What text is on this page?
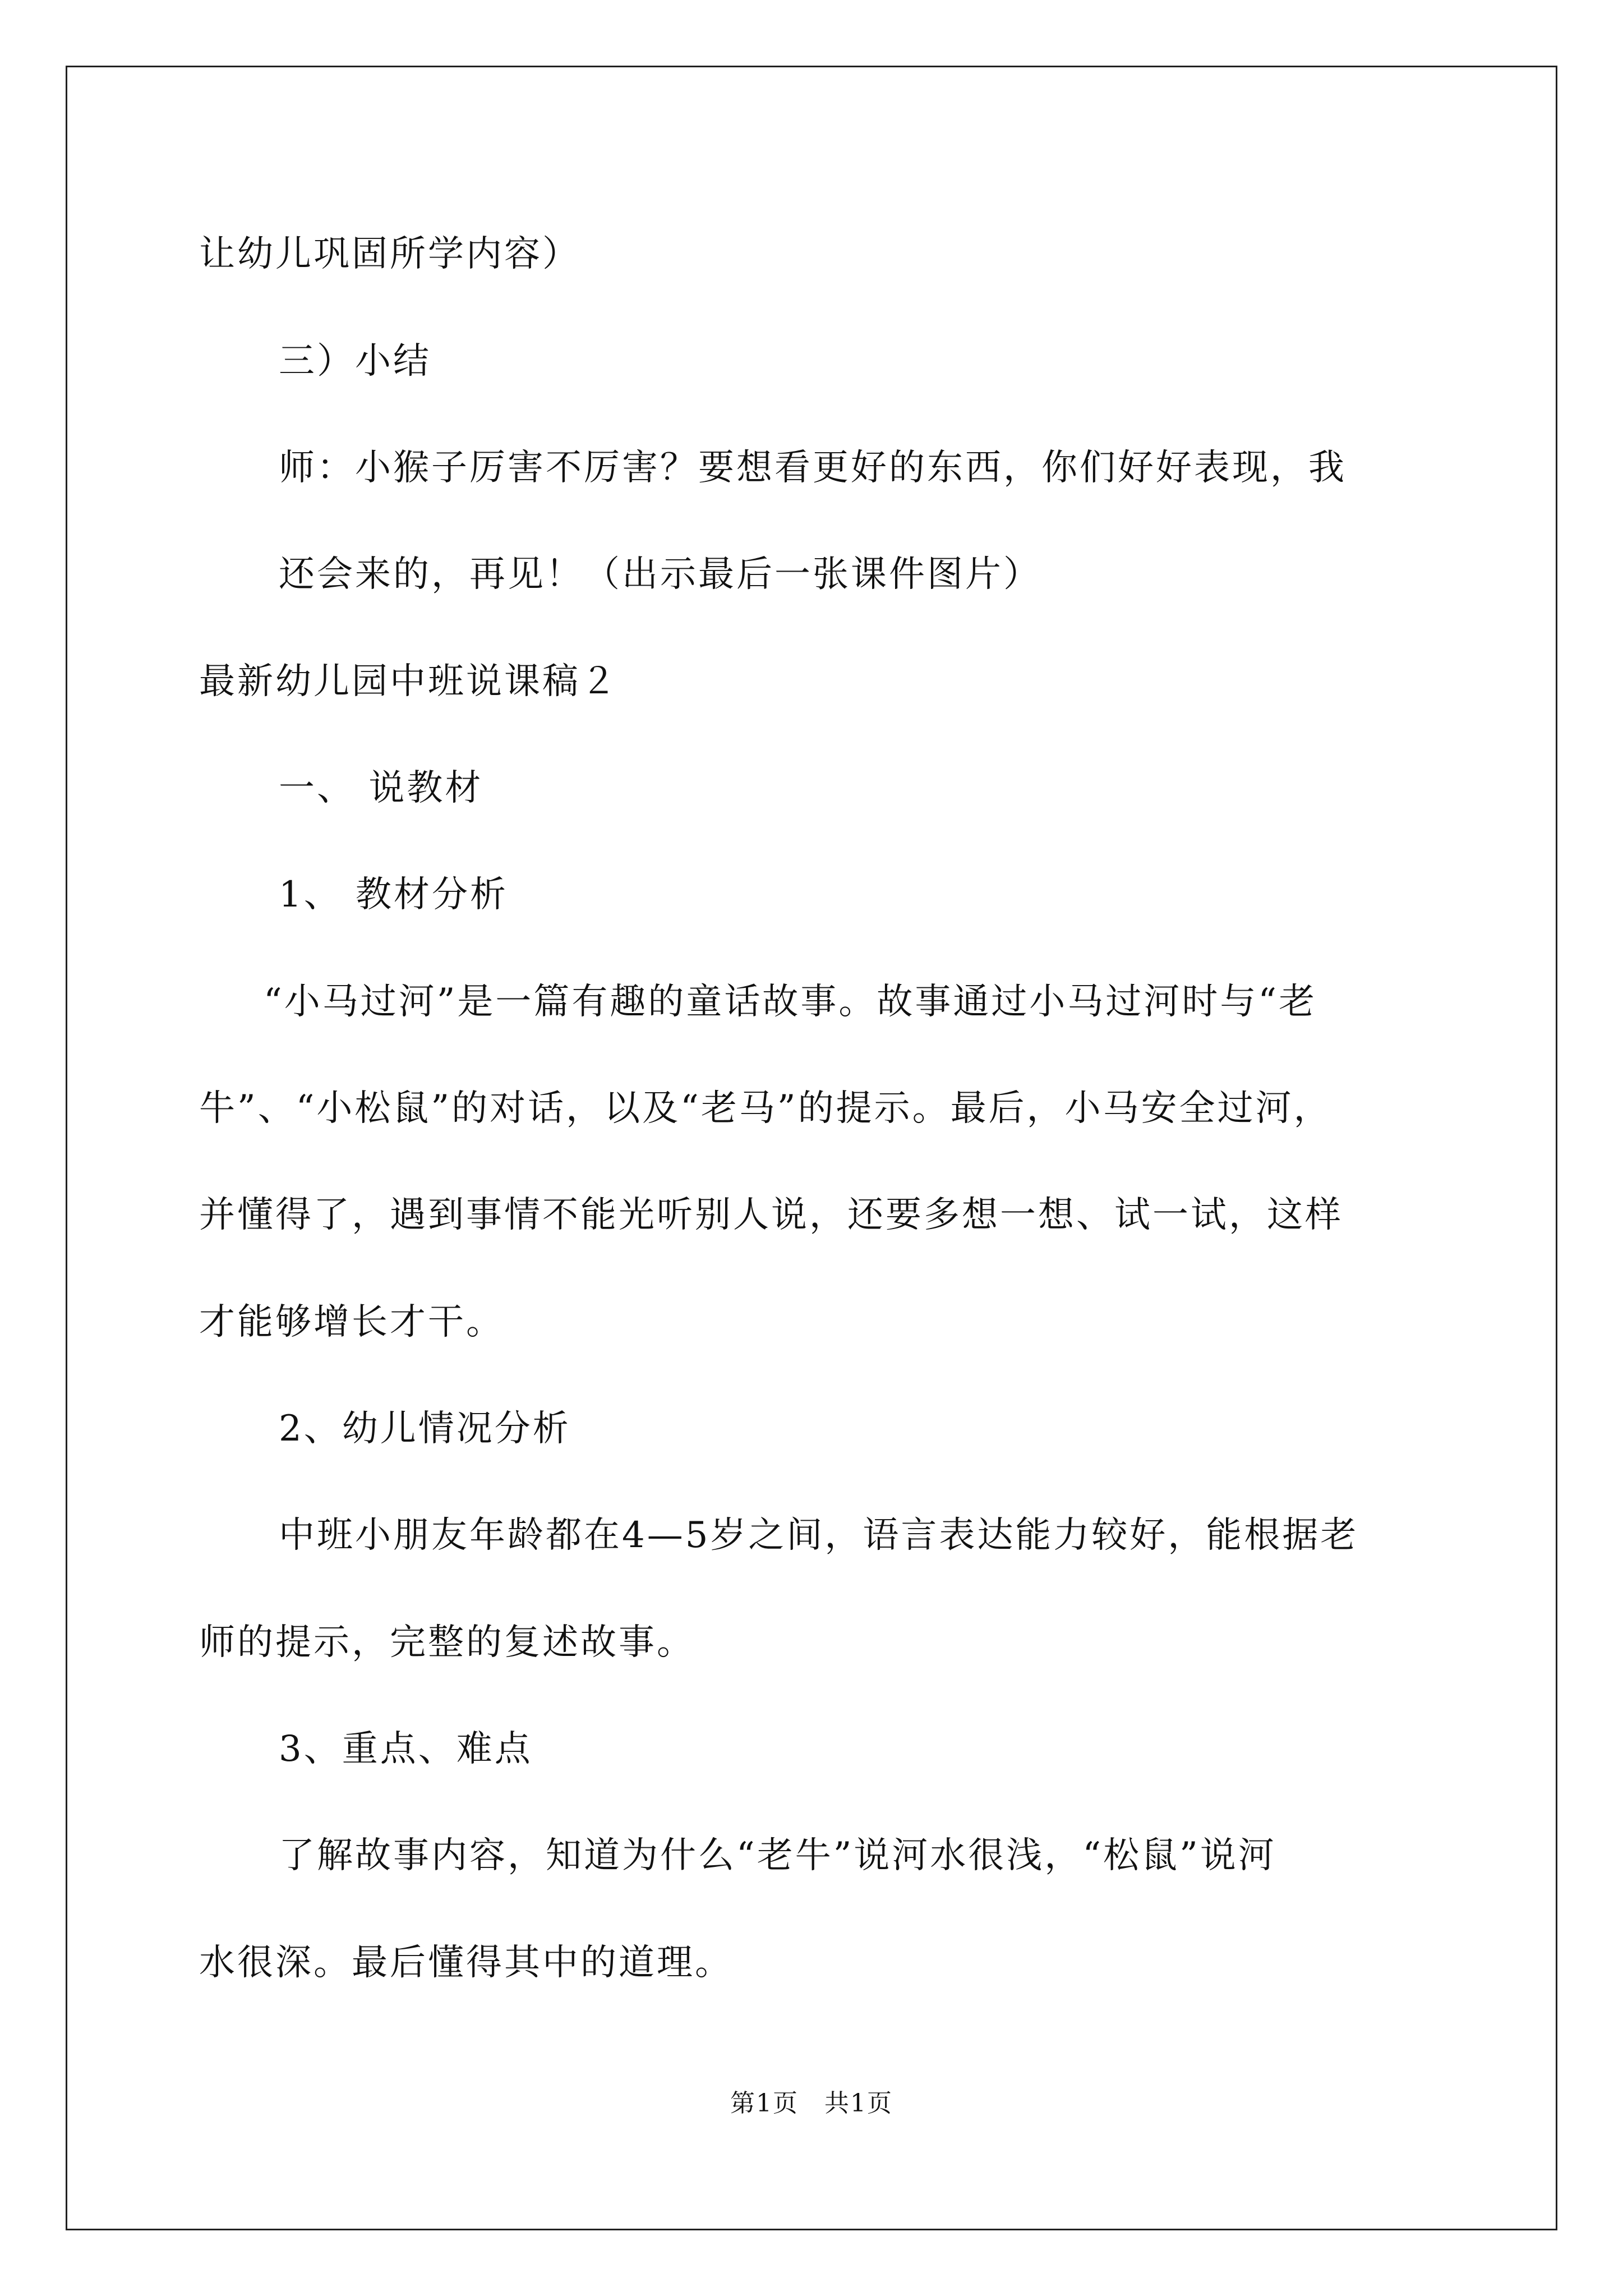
让幼儿巩固所学内容）
三）小结
师：小猴子厉害不厉害？要想看更好的东西，你们好好表现，我
还会来的，再见！（出示最后一张课件图片）
最新幼儿园中班说课稿２
一、 说教材
1、 教材分析
“小马过河”是一篇有趣的童话故事。故事通过小马过河时与“老
牛”、“小松鼠”的对话，以及“老马”的提示。最后，小马安全过河，
并懂得了，遇到事情不能光听别人说，还要多想一想、试一试，这样
才能够增长才干。
2、幼儿情况分析
中班小朋友年龄都在4—5岁之间，语言表达能力较好，能根据老
师的提示，完整的复述故事。
3、重点、难点
了解故事内容，知道为什么“老牛”说河水很浅，“松鼠”说河
水很深。最后懂得其中的道理。
第1页　共1页
